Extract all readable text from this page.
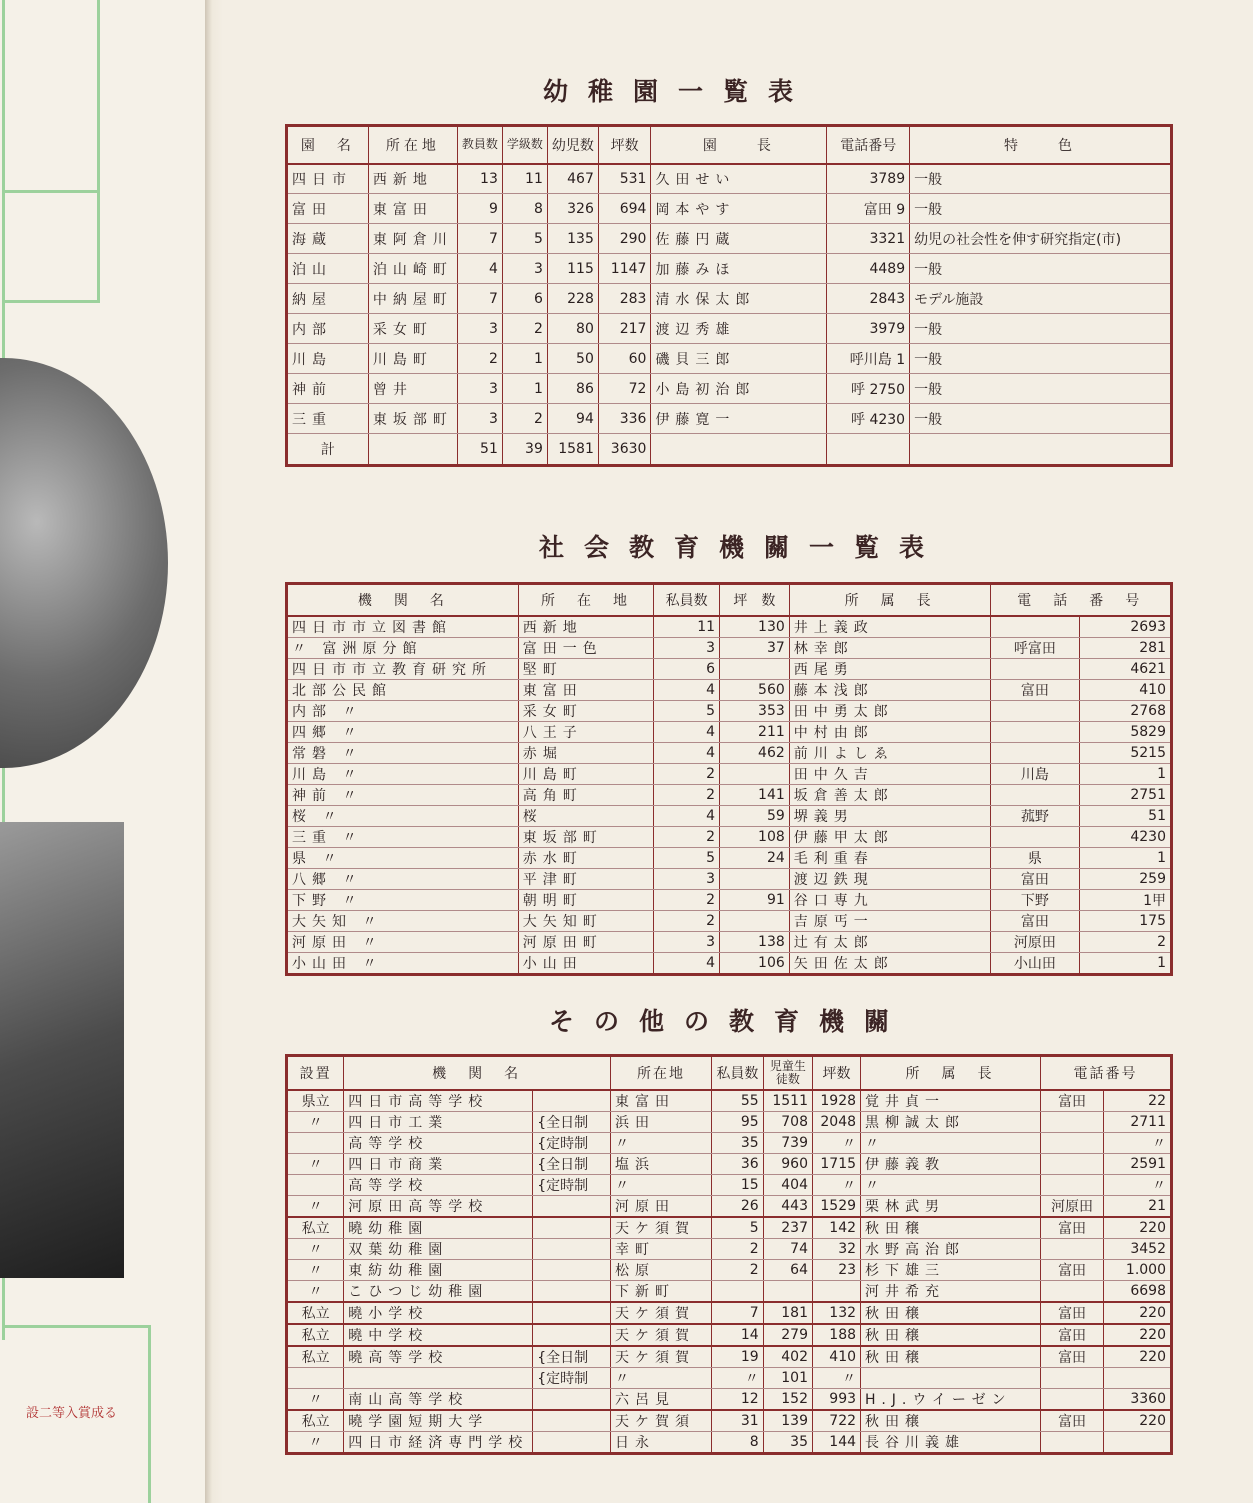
設二等入賞成る
幼稚園一覧表
園　名	所在地	教員数	学級数	幼児数	坪数	園　　長	電話番号	特　　色
四日市	西新地	13	11	467	531	久田せい	3789	一般
富田	東富田	9	8	326	694	岡本やす	富田 9	一般
海蔵	東阿倉川	7	5	135	290	佐藤円蔵	3321	幼児の社会性を伸す研究指定(市)
泊山	泊山崎町	4	3	115	1147	加藤みほ	4489	一般
納屋	中納屋町	7	6	228	283	清水保太郎	2843	モデル施設
内部	采女町	3	2	80	217	渡辺秀雄	3979	一般
川島	川島町	2	1	50	60	磯貝三郎	呼川島 1	一般
神前	曾井	3	1	86	72	小島初治郎	呼 2750	一般
三重	東坂部町	3	2	94	336	伊藤寛一	呼 4230	一般
計		51	39	1581	3630			
社会教育機關一覧表
機　関　名	所　在　地	私員数	坪　数	所　属　長	電　話　番　号	
四日市市立図書館	西新地	11	130	井上義政		2693
〃 富洲原分館	富田一色	3	37	林幸郎	呼富田	281
四日市市立教育研究所	堅町	6		西尾勇		4621
北部公民館	東富田	4	560	藤本浅郎	富田	410
内部 〃	采女町	5	353	田中勇太郎		2768
四郷 〃	八王子	4	211	中村由郎		5829
常磐 〃	赤堀	4	462	前川よしゑ		5215
川島 〃	川島町	2		田中久吉	川島	1
神前 〃	高角町	2	141	坂倉善太郎		2751
桜 〃	桜	4	59	堺義男	菰野	51
三重 〃	東坂部町	2	108	伊藤甲太郎		4230
県 〃	赤水町	5	24	毛利重春	県	1
八郷 〃	平津町	3		渡辺鉄現	富田	259
下野 〃	朝明町	2	91	谷口専九	下野	1甲
大矢知 〃	大矢知町	2		吉原丐一	富田	175
河原田 〃	河原田町	3	138	辻有太郎	河原田	2
小山田 〃	小山田	4	106	矢田佐太郎	小山田	1
その他の教育機關
設置	機　関　名		所在地	私員数	児童生徒数	坪数	所　属　長	電話番号	
県立	四日市高等学校		東富田	55	1511	1928	覚井貞一	富田	22
〃	四日市工業	{全日制	浜田	95	708	2048	黒柳誠太郎		2711
	高等学校	{定時制	〃	35	739	〃	〃		〃
〃	四日市商業	{全日制	塩浜	36	960	1715	伊藤義教		2591
	高等学校	{定時制	〃	15	404	〃	〃		〃
〃	河原田高等学校		河原田	26	443	1529	栗林武男	河原田	21
私立	曉幼稚園		天ケ須賀	5	237	142	秋田穣	富田	220
〃	双葉幼稚園		幸町	2	74	32	水野高治郎		3452
〃	東紡幼稚園		松原	2	64	23	杉下雄三	富田	1.000
〃	こひつじ幼稚園		下新町				河井希充		6698
私立	曉小学校		天ケ須賀	7	181	132	秋田穣	富田	220
私立	曉中学校		天ケ須賀	14	279	188	秋田穣	富田	220
私立	曉高等学校	{全日制	天ケ須賀	19	402	410	秋田穣	富田	220
		{定時制	〃	〃	101	〃			
〃	南山高等学校		六呂見	12	152	993	H.J.ウイーゼン		3360
私立	曉学園短期大学		天ケ賀須	31	139	722	秋田穣	富田	220
〃	四日市経済専門学校		日永	8	35	144	長谷川義雄		
